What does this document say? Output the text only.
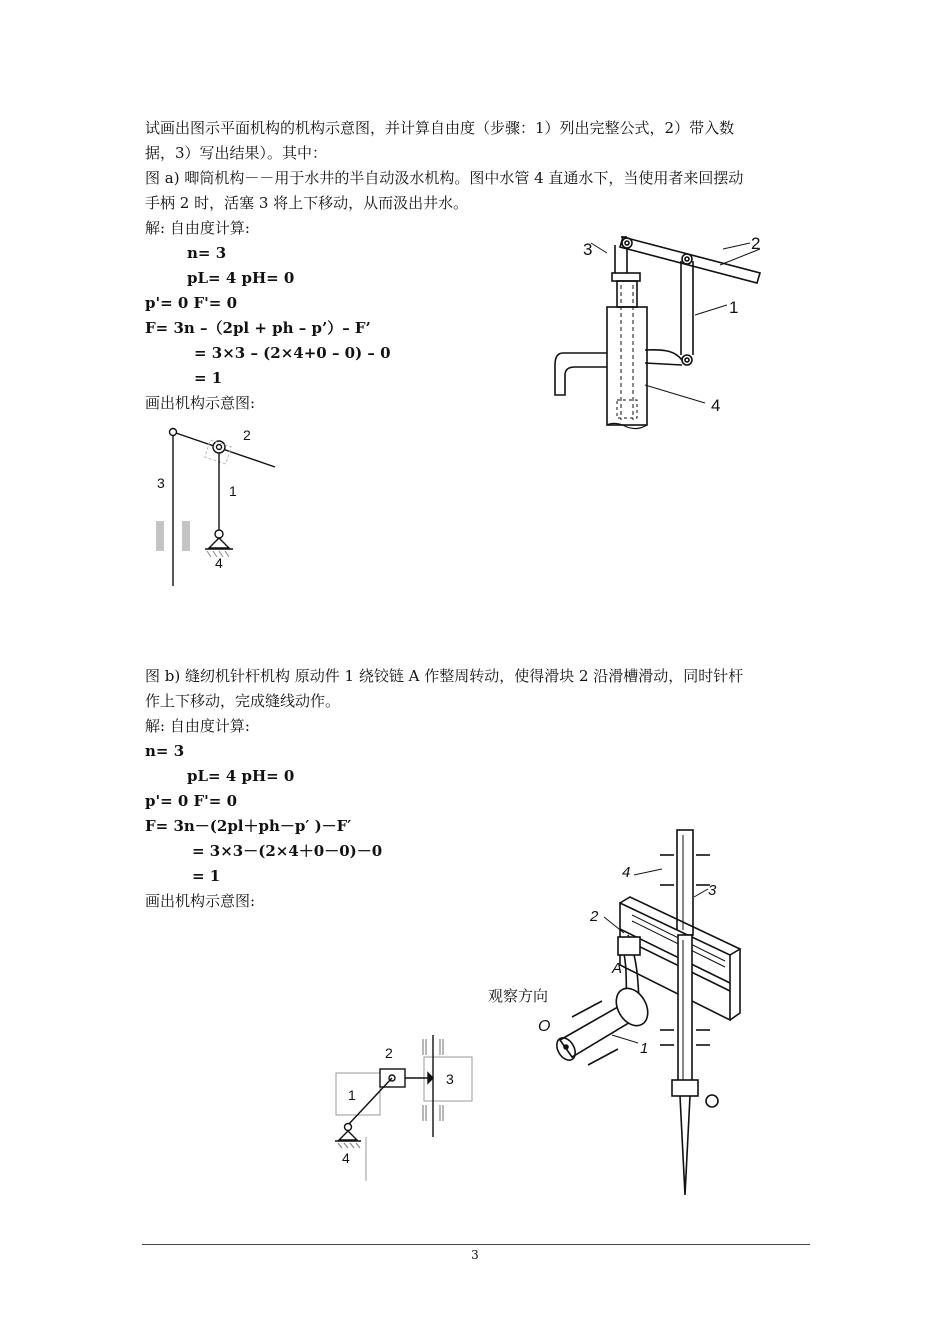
试画出图示平面机构的机构示意图，并计算自由度（步骤：1）列出完整公式，2）带入数
据，3）写出结果）。其中：
图 a) 唧筒机构－－用于水井的半自动汲水机构。图中水管 4 直通水下，当使用者来回摆动
手柄 2 时，活塞 3 将上下移动，从而汲出井水。
解: 自由度计算:
n= 3
pL= 4 pH= 0
p'= 0 F'= 0
F= 3n –（2pl + ph – p’）– F’
= 3×3 – (2×4+0 – 0) – 0
= 1
画出机构示意图:
3	2
1
4
3
2
1
4
图 b) 缝纫机针杆机构 原动件 1 绕铰链 A 作整周转动，使得滑块 2 沿滑槽滑动，同时针杆
作上下移动，完成缝线动作。
解: 自由度计算:
n= 3
pL= 4 pH= 0
p'= 0 F'= 0
F= 3n－(2pl＋ph－p′ )－F′
= 3×3－(2×4＋0－0)－0
= 1
画出机构示意图:
4
3
2
A
O
1
观察方向
2
3
1
4
3
